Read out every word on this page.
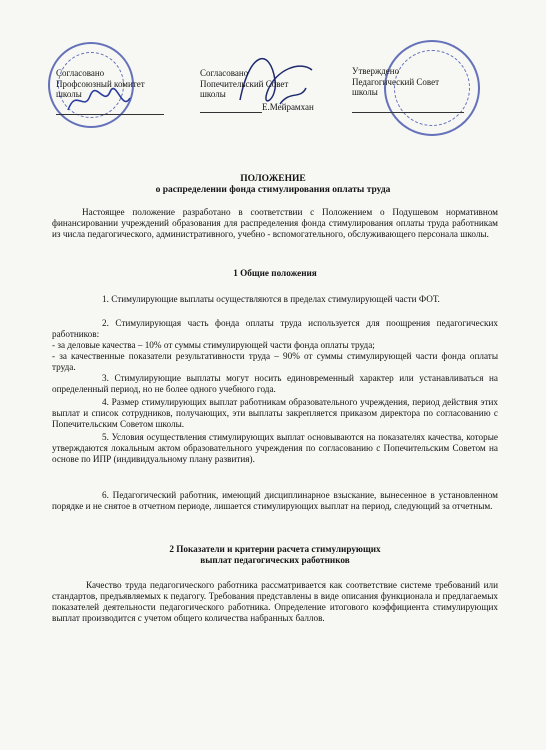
Согласовано
Профсоюзный комитет
школы
Согласовано
Попечительский Совет
школы
Е.Мейрамхан
Утверждено
Педагогический Совет
школы
ПОЛОЖЕНИЕ
о распределении фонда стимулирования оплаты труда
Настоящее положение разработано в соответствии с Положением о Подушевом нормативном финансировании учреждений образования для распределения фонда стимулирования оплаты труда работникам из числа педагогического, административного, учебно - вспомогательного, обслуживающего персонала школы.
1 Общие положения
1. Стимулирующие выплаты осуществляются в пределах стимулирующей части ФОТ.
2. Стимулирующая часть фонда оплаты труда используется для поощрения педагогических работников:
- за деловые качества – 10% от суммы стимулирующей части фонда оплаты труда;
- за качественные показатели результативности труда – 90% от суммы стимулирующей части фонда оплаты труда.
3. Стимулирующие выплаты могут носить единовременный характер или устанавливаться на определенный период, но не более одного учебного года.
4. Размер стимулирующих выплат работникам образовательного учреждения, период действия этих выплат и список сотрудников, получающих, эти выплаты закрепляется приказом директора по согласованию с Попечительским Советом школы.
5. Условия осуществления стимулирующих выплат основываются на показателях качества, которые утверждаются локальным актом образовательного учреждения по согласованию с Попечительским Советом на основе по ИПР (индивидуальному плану развития).
6. Педагогический работник, имеющий дисциплинарное взыскание, вынесенное в установленном порядке и не снятое в отчетном периоде, лишается стимулирующих выплат на период, следующий за отчетным.
2 Показатели и критерии расчета стимулирующих
выплат педагогических работников
Качество труда педагогического работника рассматривается как соответствие системе требований или стандартов, предъявляемых к педагогу. Требования представлены в виде описания функционала и предлагаемых показателей деятельности педагогического работника. Определение итогового коэффициента стимулирующих выплат производится с учетом общего количества набранных баллов.
